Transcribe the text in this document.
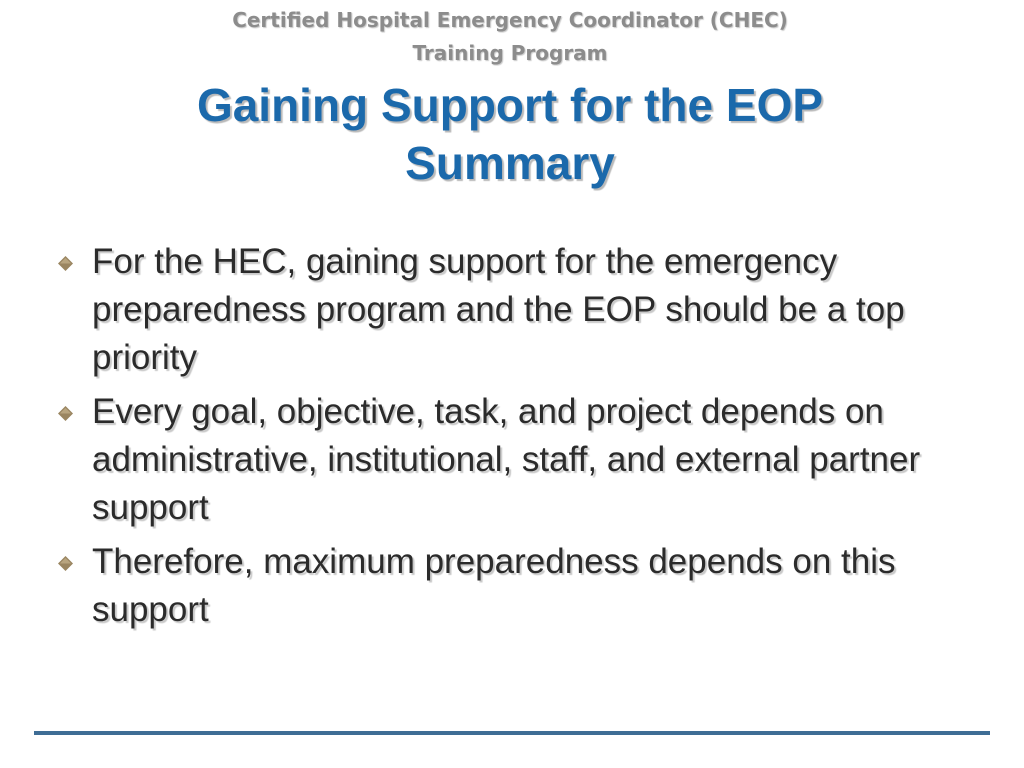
Certified Hospital Emergency Coordinator (CHEC)
Training Program
Gaining Support for the EOP
Summary
For the HEC, gaining support for the emergency preparedness program and the EOP should be a top priority
Every goal, objective, task, and project depends on administrative, institutional, staff, and external partner support
Therefore, maximum preparedness depends on this support
